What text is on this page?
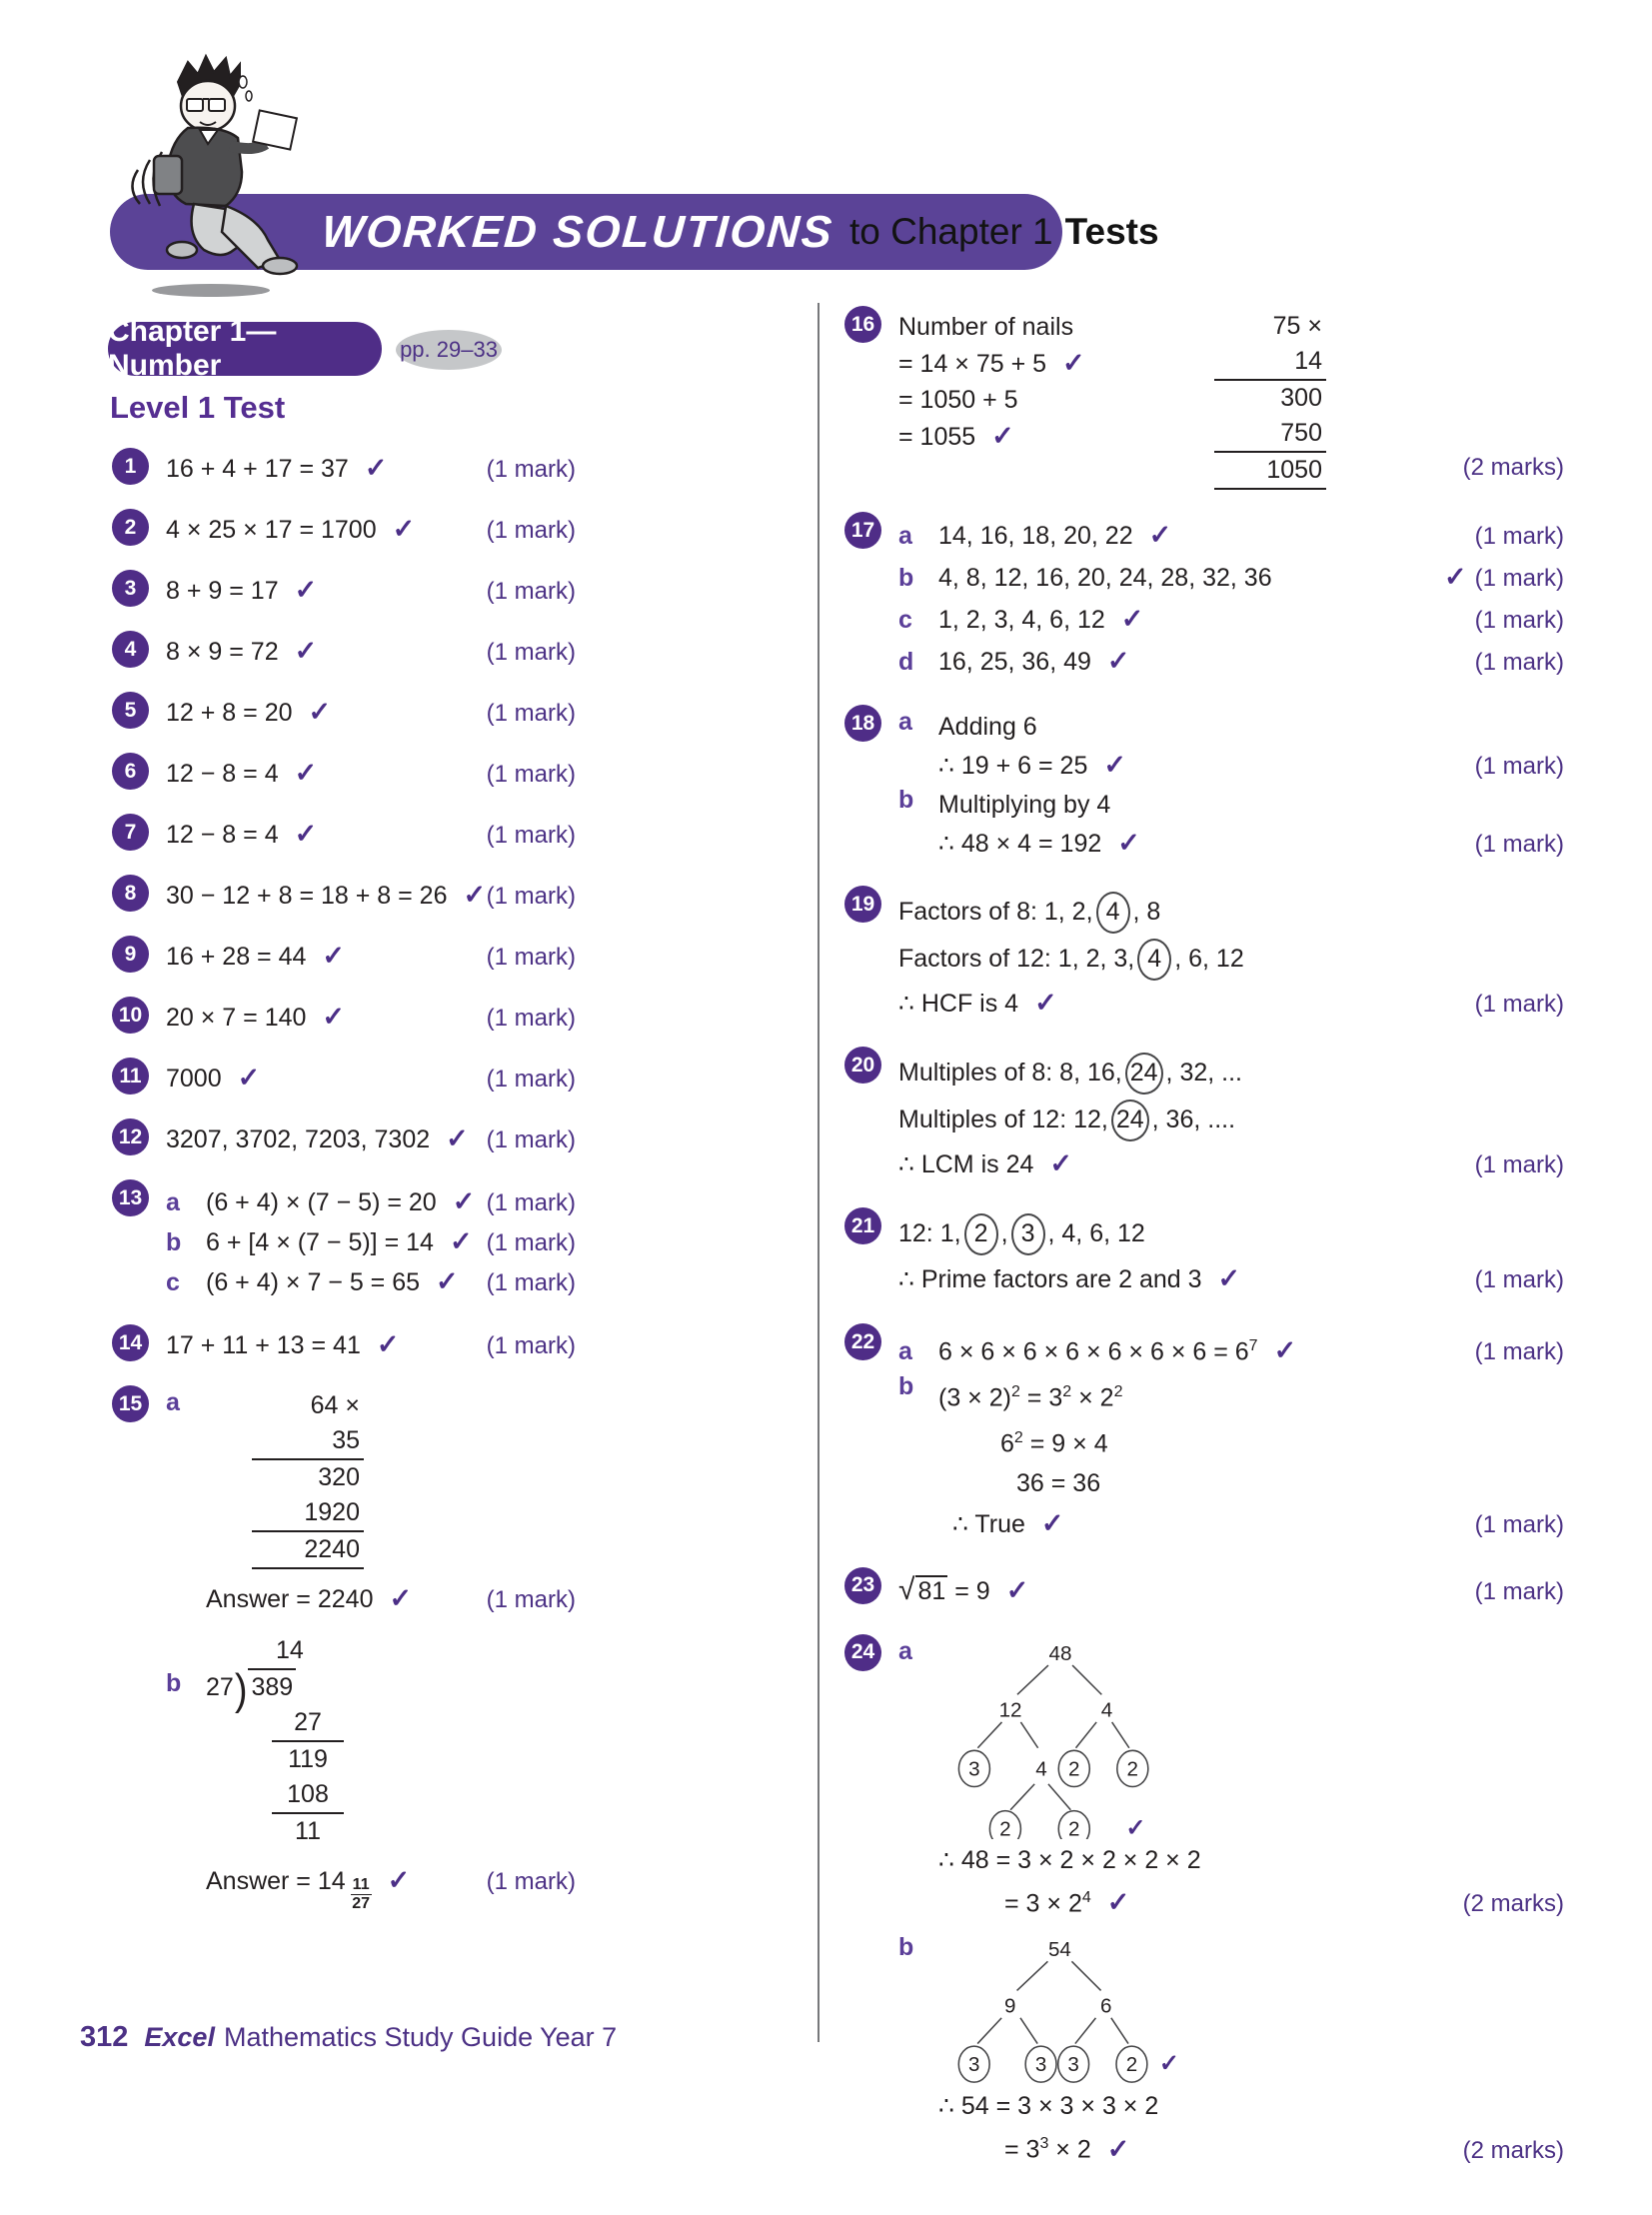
WORKED SOLUTIONS to Chapter 1 Tests
Chapter 1—Number	pp. 29–33
Level 1 Test
1	16 + 4 + 17 = 37 ✓	(1 mark)
2	4 × 25 × 17 = 1700 ✓	(1 mark)
3	8 + 9 = 17 ✓	(1 mark)
4	8 × 9 = 72 ✓	(1 mark)
5	12 + 8 = 20 ✓	(1 mark)
6	12 − 8 = 4 ✓	(1 mark)
7	12 − 8 = 4 ✓	(1 mark)
8	30 − 12 + 8 = 18 + 8 = 26 ✓ (1 mark)
9	16 + 28 = 44 ✓	(1 mark)
10 20 × 7 = 140 ✓	(1 mark)
11 7000 ✓	(1 mark)
12 3207, 3702, 7203, 7302 ✓ (1 mark)
13 a	(6 + 4) × (7 − 5) = 20 ✓ (1 mark)
b 6 + [4 × (7 − 5)] = 14 ✓ (1 mark)
c	(6 + 4) × 7 − 5 = 65 ✓ (1 mark)
14 17 + 11 + 13 = 41 ✓	(1 mark)
15 a	64 ×
35
320
1920
2240
Answer = 2240 ✓	(1 mark)
b
14
27 ) 389
27
119
108
11
Answer = $14 \frac{11}{27}$ ✓	(1 mark)
16 Number of nails
= 14 × 75 + 5 ✓
= 1050 + 5
= 1055 ✓
75 ×
14
300
750
1050	(2 marks)
17 a	14, 16, 18, 20, 22 ✓	(1 mark)
b 4, 8, 12, 16, 20, 24, 28, 32, 36	✓ (1 mark)
c	1, 2, 3, 4, 6, 12 ✓	(1 mark)
d 16, 25, 36, 49 ✓	(1 mark)
18 a	Adding 6
∴ 19 + 6 = 25 ✓	(1 mark)
b Multiplying by 4
∴ 48 × 4 = 192 ✓	(1 mark)
19 Factors of 8: 1, 2, 4 , 8
Factors of 12: 1, 2, 3, 4 , 6, 12
∴ HCF is 4 ✓	(1 mark)
20 Multiples of 8: 8, 16, 24 , 32, ...
Multiples of 12: 12, 24 , 36, ....
∴ LCM is 24 ✓	(1 mark)
21 12: 1, 2 , 3 , 4, 6, 12
∴ Prime factors are 2 and 3 ✓	(1 mark)
22 a	$6 \times 6 \times 6 \times 6 \times 6 \times 6 \times 6 = 6^7$ ✓	(1 mark)
b $(3 \times 2)^2 = 3^2 \times 2^2$
$6^2 = 9 \times 4$
36 = 36
∴ True ✓	(1 mark)
23 √ 81 = 9 ✓	(1 mark)
24 a	48
12	4
3 4 2 2
2 2 ✓
∴ 48 = 3 × 2 × 2 × 2 × 2
= $3 \times 2^4$ ✓	(2 marks)
b	54
9	6
3 3 3 2 ✓
∴ 54 = 3 × 3 × 3 × 2
= $3^3 \times 2$ ✓	(2 marks)
312 Excel Mathematics Study Guide Year 7
